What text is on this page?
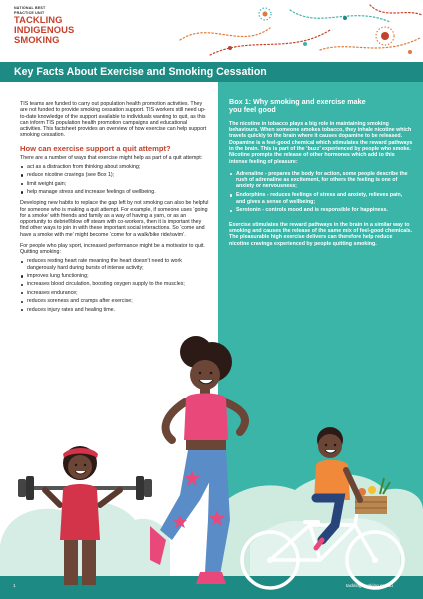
NATIONAL BEST
PRACTICE UNIT
TACKLING
INDIGENOUS
SMOKING
Key Facts About Exercise and Smoking Cessation

TIS teams are funded to carry out population health promotion activities. They are not funded to provide smoking cessation support. TIS workers still need up-to-date knowledge of the support available to individuals wanting to quit, as this can inform TIS population health promotion campaigns and educational activities. This factsheet provides an overview of how exercise can help support smoking cessation.

How can exercise support a quit attempt?

There are a number of ways that exercise might help as part of a quit attempt:

act as a distraction from thinking about smoking;
reduce nicotine cravings (see Box 1);
limit weight gain;
help manage stress and increase feelings of wellbeing.

Developing new habits to replace the gap left by not smoking can also be helpful for someone who is making a quit attempt. For example, if someone uses ‘going for a smoke’ with friends and family as a way of having a yarn, or as an opportunity to debrief/blow off steam with co-workers, then it is important they find other ways to join in with these important social interactions. So ‘come and have a smoke with me’ might become ‘come for a walk/bike ride/swim’.

For people who play sport, increased performance might be a motivator to quit. Quitting smoking:

reduces resting heart rate meaning the heart doesn’t need to work dangerously hard during bursts of intense activity;
improves lung functioning;
increases blood circulation, boosting oxygen supply to the muscles;
increases endurance;
reduces soreness and cramps after exercise;
reduces injury rates and healing time.
Box 1: Why smoking and exercise make you feel good

The nicotine in tobacco plays a big role in maintaining smoking behaviours. When someone smokes tobacco, they inhale nicotine which travels quickly to the brain where it causes dopamine to be released. Dopamine is a feel-good chemical which stimulates the reward pathways in the brain. This is part of the ‘buzz’ experienced by people who smoke. Nicotine prompts the release of other hormones which add to this intense feeling of pleasure:

Adrenaline - prepares the body for action, some people describe the rush of adrenaline as excitement, for others the feeling is one of anxiety or nervousness;
Endorphins - reduces feelings of stress and anxiety, relieves pain, and gives a sense of wellbeing;
Serotonin - controls mood and is responsible for happiness.

Exercise stimulates the reward pathways in the brain in a similar way to smoking and causes the release of the same mix of feel-good chemicals. The pleasurable high exercise delivers can therefore help reduce nicotine cravings experienced by people quitting smoking.

1	tacklingsmoking.org.au
